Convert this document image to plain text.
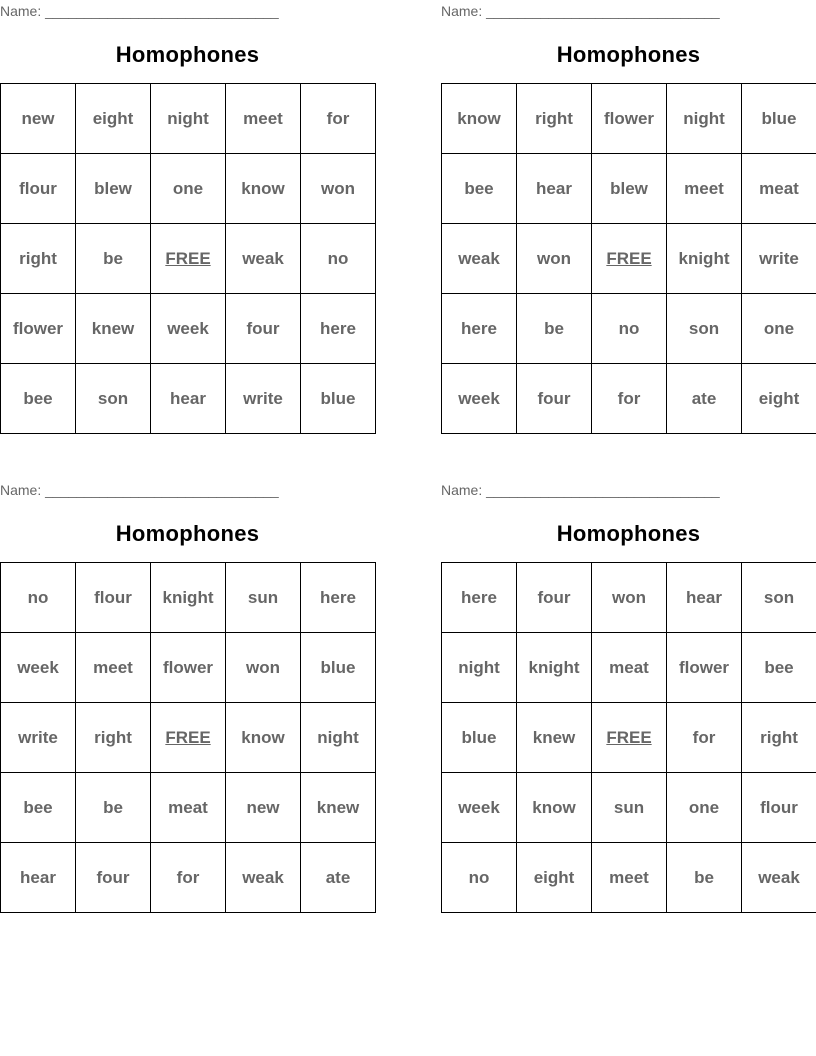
Name: ______________________________
Homophones
new	eight	night	meet	for
flour	blew	one	know	won
right	be	FREE	weak	no
flower	knew	week	four	here
bee	son	hear	write	blue
Name: ______________________________
Homophones
know	right	flower	night	blue
bee	hear	blew	meet	meat
weak	won	FREE	knight	write
here	be	no	son	one
week	four	for	ate	eight
Name: ______________________________
Homophones
no	flour	knight	sun	here
week	meet	flower	won	blue
write	right	FREE	know	night
bee	be	meat	new	knew
hear	four	for	weak	ate
Name: ______________________________
Homophones
here	four	won	hear	son
night	knight	meat	flower	bee
blue	knew	FREE	for	right
week	know	sun	one	flour
no	eight	meet	be	weak
